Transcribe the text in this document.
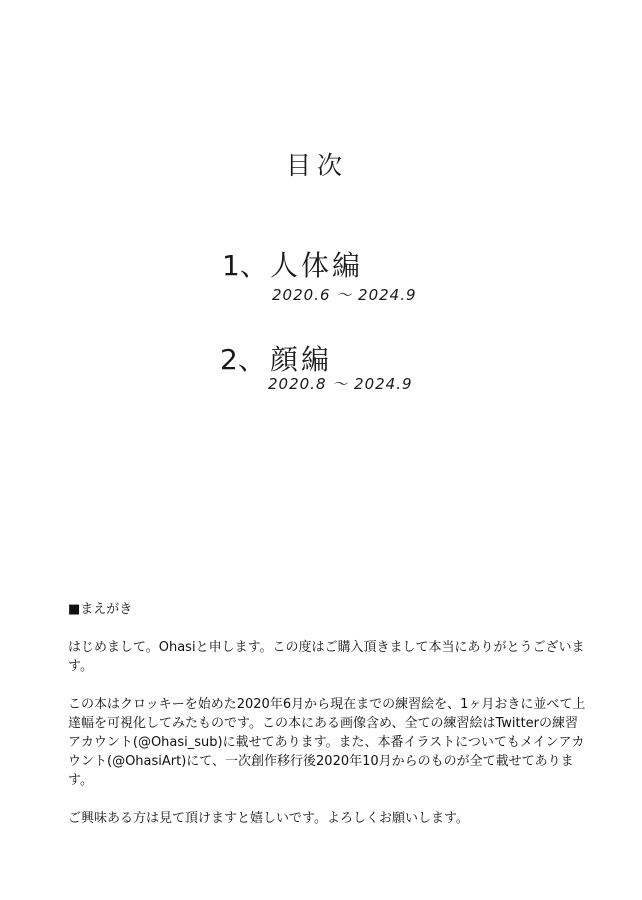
目次
1、 人体編
2020.6 〜 2024.9
2、 顔編
2020.8 〜 2024.9

■まえがき

はじめまして。Ohasiと申します。この度はご購入頂きまして本当にありがとうございます。

この本はクロッキーを始めた2020年6月から現在までの練習絵を、1ヶ月おきに並べて上達幅を可視化してみたものです。この本にある画像含め、全ての練習絵はTwitterの練習アカウント(@Ohasi_sub)に載せてあります。また、本番イラストについてもメインアカウント(@OhasiArt)にて、一次創作移行後2020年10月からのものが全て載せてあります。

ご興味ある方は見て頂けますと嬉しいです。よろしくお願いします。
